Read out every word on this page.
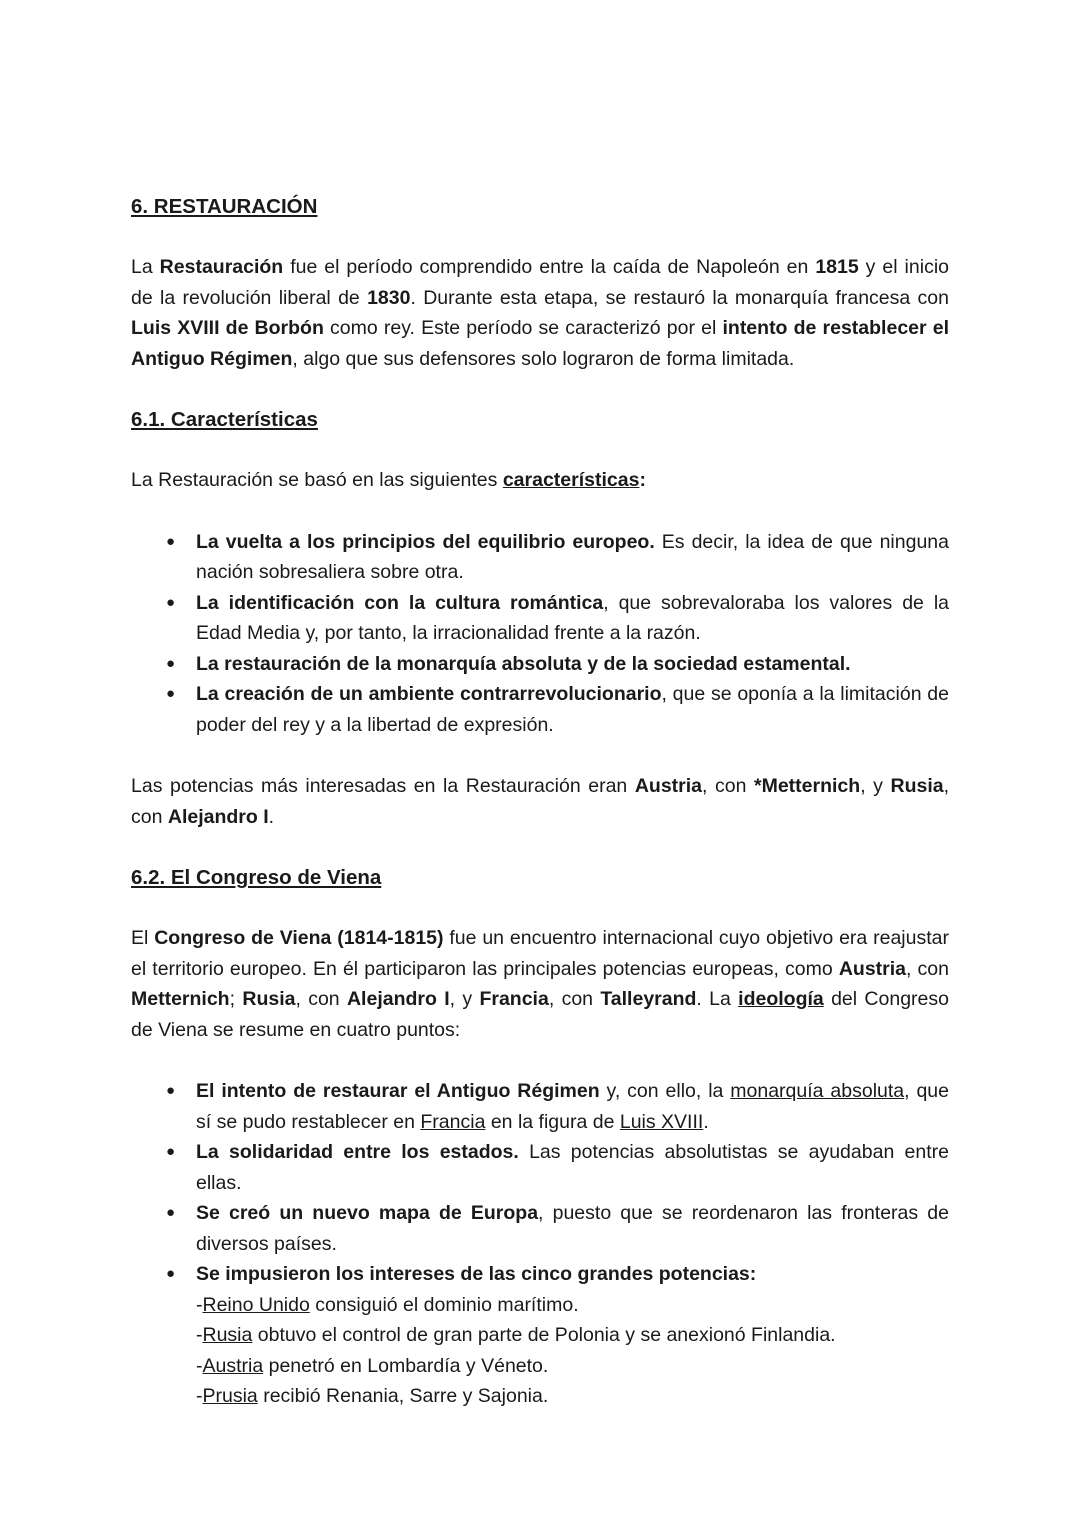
6. RESTAURACIÓN

La Restauración fue el período comprendido entre la caída de Napoleón en 1815 y el inicio de la revolución liberal de 1830. Durante esta etapa, se restauró la monarquía francesa con Luis XVIII de Borbón como rey. Este período se caracterizó por el intento de restablecer el Antiguo Régimen, algo que sus defensores solo lograron de forma limitada.

6.1. Características

La Restauración se basó en las siguientes características:

● La vuelta a los principios del equilibrio europeo. Es decir, la idea de que ninguna nación sobresaliera sobre otra.
● La identificación con la cultura romántica, que sobrevaloraba los valores de la Edad Media y, por tanto, la irracionalidad frente a la razón.
● La restauración de la monarquía absoluta y de la sociedad estamental.
● La creación de un ambiente contrarrevolucionario, que se oponía a la limitación de poder del rey y a la libertad de expresión.

Las potencias más interesadas en la Restauración eran Austria, con *Metternich, y Rusia, con Alejandro I.

6.2. El Congreso de Viena

El Congreso de Viena (1814-1815) fue un encuentro internacional cuyo objetivo era reajustar el territorio europeo. En él participaron las principales potencias europeas, como Austria, con Metternich; Rusia, con Alejandro I, y Francia, con Talleyrand. La ideología del Congreso de Viena se resume en cuatro puntos:

● El intento de restaurar el Antiguo Régimen y, con ello, la monarquía absoluta, que sí se pudo restablecer en Francia en la figura de Luis XVIII.
● La solidaridad entre los estados. Las potencias absolutistas se ayudaban entre ellas.
● Se creó un nuevo mapa de Europa, puesto que se reordenaron las fronteras de diversos países.
● Se impusieron los intereses de las cinco grandes potencias:
-Reino Unido consiguió el dominio marítimo.
-Rusia obtuvo el control de gran parte de Polonia y se anexionó Finlandia.
-Austria penetró en Lombardía y Véneto.
-Prusia recibió Renania, Sarre y Sajonia.
